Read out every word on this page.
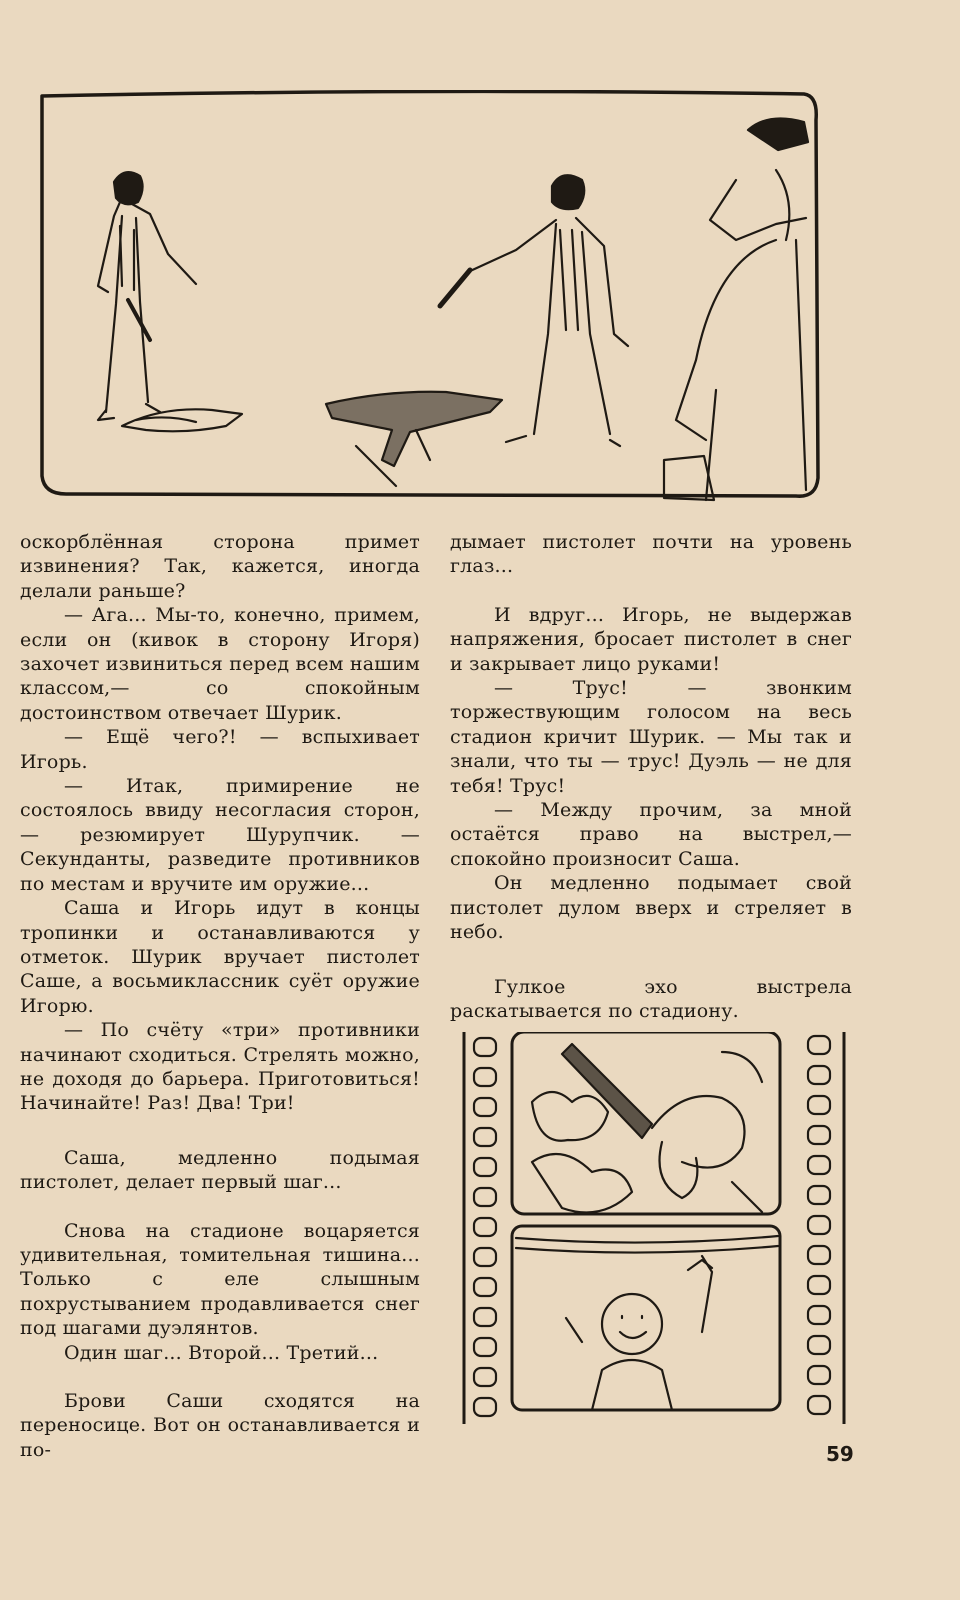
оскорблённая сторона примет извинения? Так, кажется, иногда делали раньше?

— Ага... Мы-то, конечно, примем, если он (кивок в сторону Игоря) захочет извиниться перед всем нашим классом,— со спокойным достоинством отвечает Шурик.

— Ещё чего?! — вспыхивает Игорь.

— Итак, примирение не состоялось ввиду несогласия сторон,— резюмирует Шурупчик. — Секунданты, разведите противников по местам и вручите им оружие...

Саша и Игорь идут в концы тропинки и останавливаются у отметок. Шурик вручает пистолет Саше, а восьмиклассник суёт оружие Игорю.

— По счёту «три» противники начинают сходиться. Стрелять можно, не доходя до барьера. Приготовиться! Начинайте! Раз! Два! Три!

Саша, медленно подымая пистолет, делает первый шаг...

Снова на стадионе воцаряется удивительная, томительная тишина... Только с еле слышным похрустыванием продавливается снег под шагами дуэлянтов.

Один шаг... Второй... Третий...

Брови Саши сходятся на переносице. Вот он останавливается и по-

дымает пистолет почти на уровень глаз...

И вдруг... Игорь, не выдержав напряжения, бросает пистолет в снег и закрывает лицо руками!

— Трус! — звонким торжествующим голосом на весь стадион кричит Шурик. — Мы так и знали, что ты — трус! Дуэль — не для тебя! Трус!

— Между прочим, за мной остаётся право на выстрел,— спокойно произносит Саша.

Он медленно подымает свой пистолет дулом вверх и стреляет в небо.

Гулкое эхо выстрела раскатывается по стадиону.

59
